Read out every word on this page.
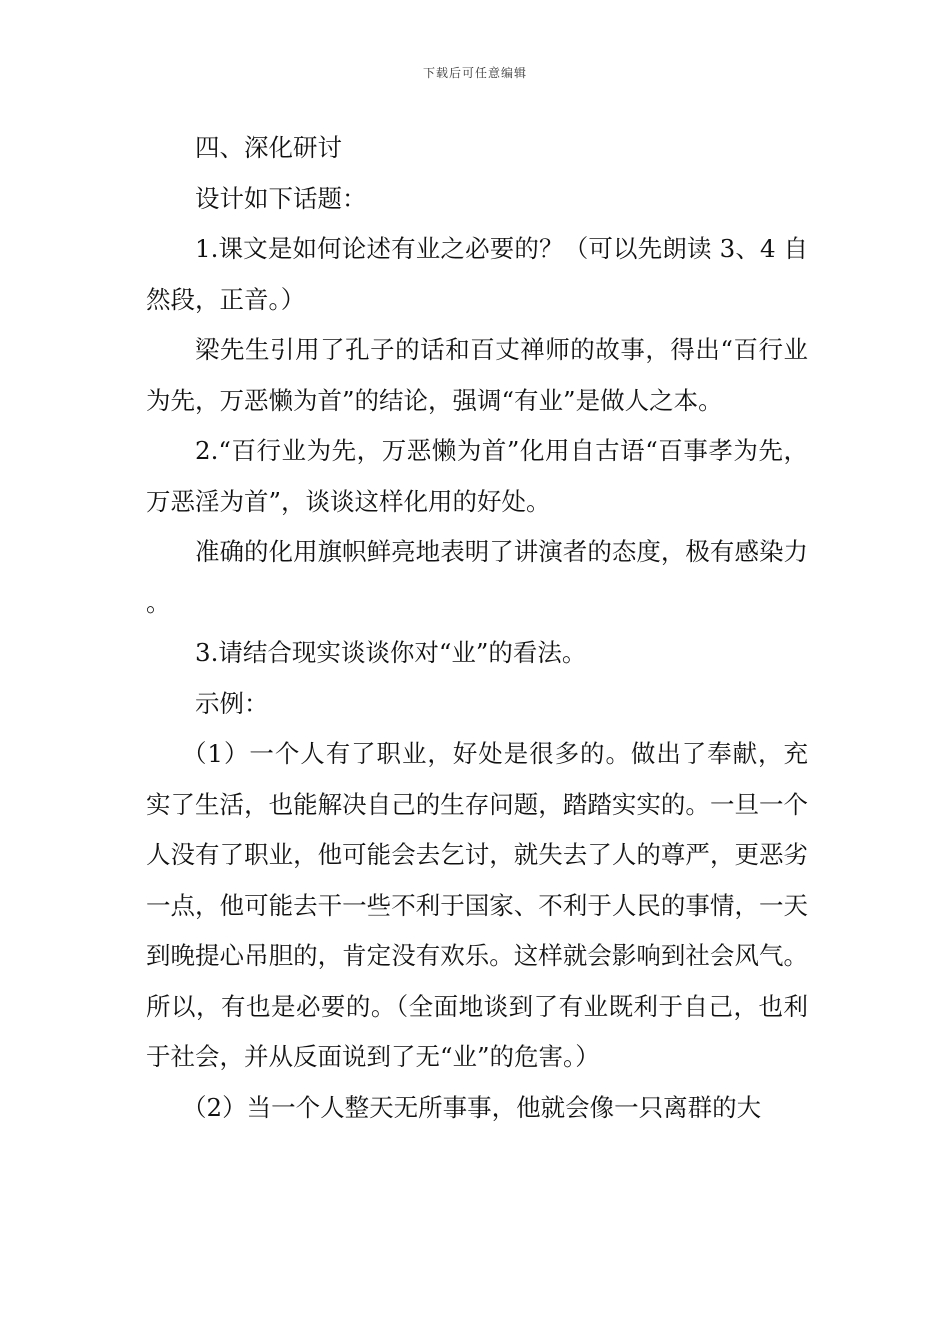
下载后可任意编辑

四、深化研讨

设计如下话题：

1.课文是如何论述有业之必要的？（可以先朗读 3、4 自然段，正音。）

梁先生引用了孔子的话和百丈禅师的故事，得出“百行业为先，万恶懒为首”的结论，强调“有业”是做人之本。

2.“百行业为先，万恶懒为首”化用自古语“百事孝为先，万恶淫为首”，谈谈这样化用的好处。

准确的化用旗帜鲜亮地表明了讲演者的态度，极有感染力。

3.请结合现实谈谈你对“业”的看法。

示例：

（1）一个人有了职业，好处是很多的。做出了奉献，充实了生活，也能解决自己的生存问题，踏踏实实的。一旦一个人没有了职业，他可能会去乞讨，就失去了人的尊严，更恶劣一点，他可能去干一些不利于国家、不利于人民的事情，一天到晚提心吊胆的，肯定没有欢乐。这样就会影响到社会风气。所以，有也是必要的。（全面地谈到了有业既利于自己，也利于社会，并从反面说到了无“业”的危害。）

（2）当一个人整天无所事事，他就会像一只离群的大
